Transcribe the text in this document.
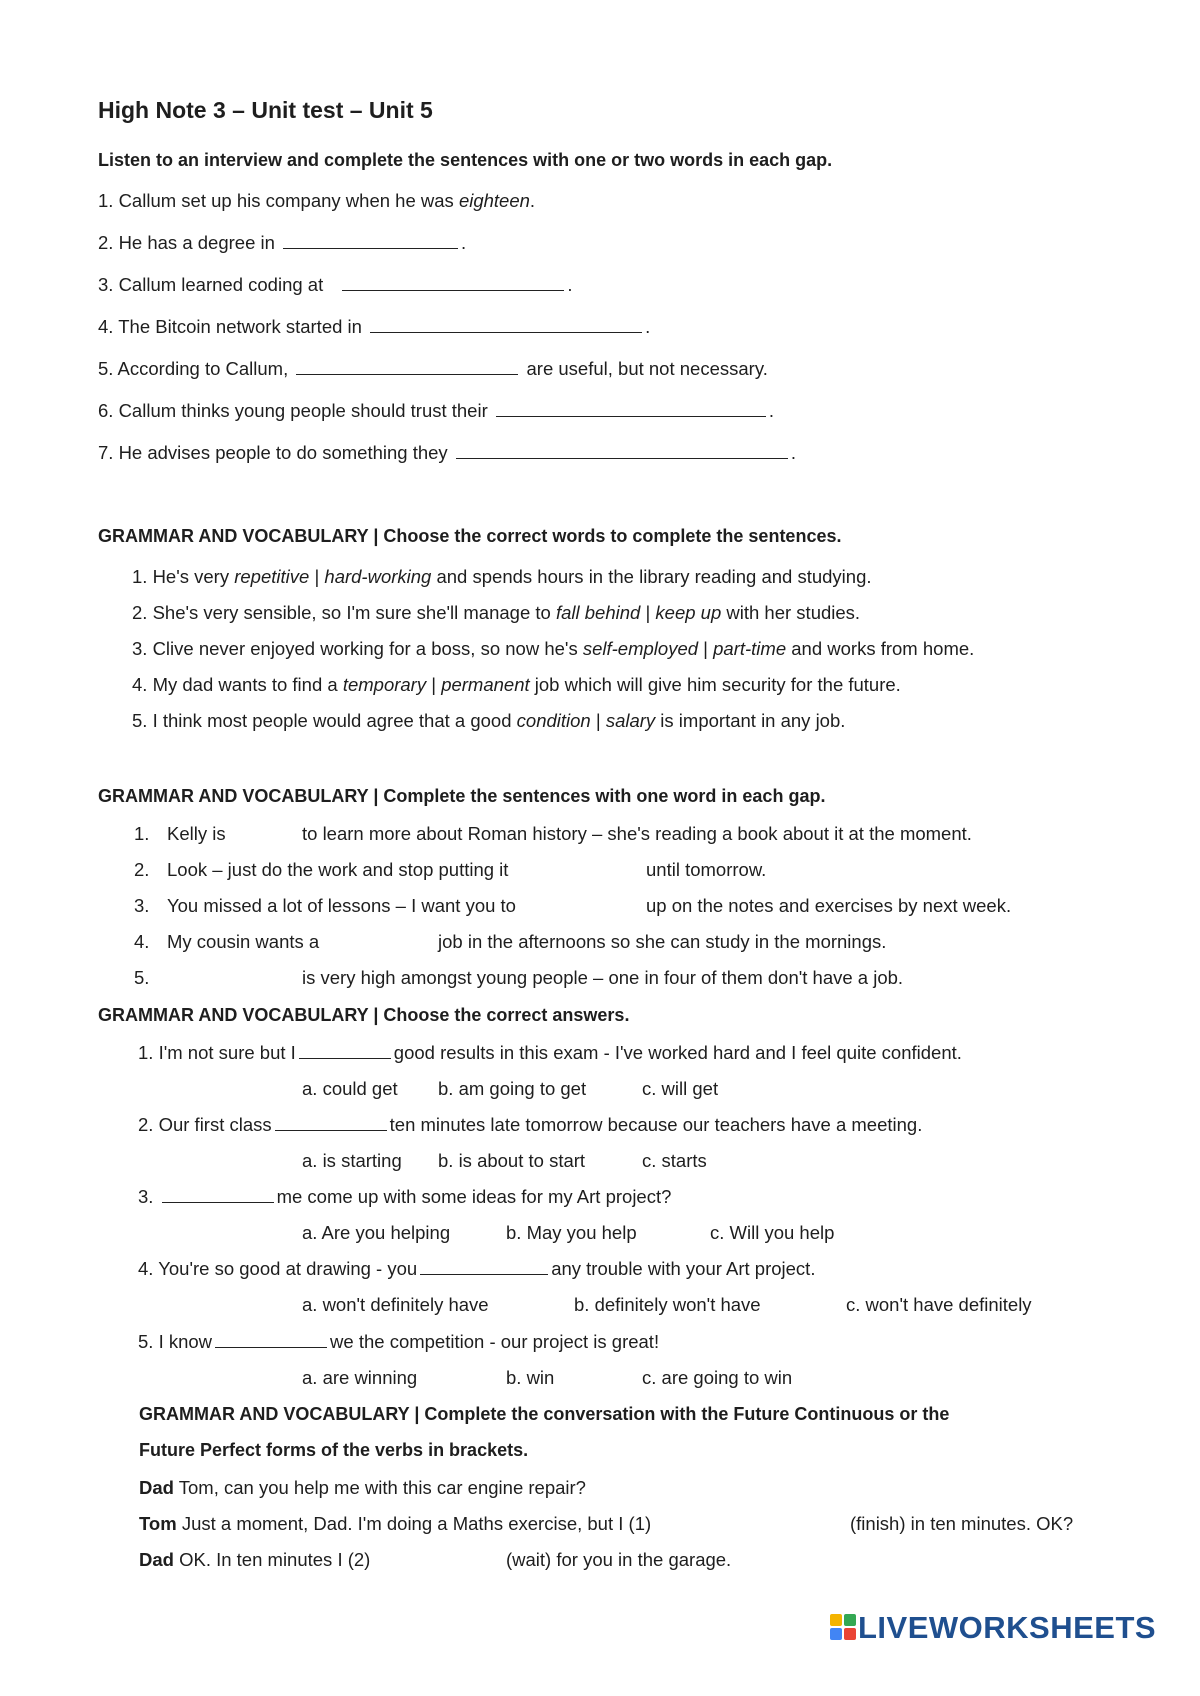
High Note 3 – Unit test – Unit 5
Listen to an interview and complete the sentences with one or two words in each gap.
1. Callum set up his company when he was eighteen.
2. He has a degree in	.
3. Callum learned coding at	.
4. The Bitcoin network started in	.
5. According to Callum,	are useful, but not necessary.
6. Callum thinks young people should trust their	.
7. He advises people to do something they	.
GRAMMAR AND VOCABULARY | Choose the correct words to complete the sentences.
1. He's very repetitive | hard-working and spends hours in the library reading and studying.
2. She's very sensible, so I'm sure she'll manage to fall behind | keep up with her studies.
3. Clive never enjoyed working for a boss, so now he's self-employed | part-time and works from home.
4. My dad wants to find a temporary | permanent job which will give him security for the future.
5. I think most people would agree that a good condition | salary is important in any job.
GRAMMAR AND VOCABULARY | Complete the sentences with one word in each gap.
1. Kelly is	to learn more about Roman history – she's reading a book about it at the moment.
2. Look – just do the work and stop putting it	until tomorrow.
3. You missed a lot of lessons – I want you to	up on the notes and exercises by next week.
4. My cousin wants a	job in the afternoons so she can study in the mornings.
5.	is very high amongst young people – one in four of them don't have a job.
GRAMMAR AND VOCABULARY | Choose the correct answers.
1. I'm not sure but I	good results in this exam - I've worked hard and I feel quite confident.
a. could get b. am going to get	c. will get
2. Our first class	ten minutes late tomorrow because our teachers have a meeting.
a. is starting b. is about to start	c. starts
3.	me come up with some ideas for my Art project?
a. Are you helping	b. May you help	c. Will you help
4. You're so good at drawing - you	any trouble with your Art project.
a. won't definitely have	b. definitely won't have	c. won't have definitely
5. I know	we the competition - our project is great!
a. are winning	b. win	c. are going to win
GRAMMAR AND VOCABULARY | Complete the conversation with the Future Continuous or the
Future Perfect forms of the verbs in brackets.
Dad Tom, can you help me with this car engine repair?
Tom Just a moment, Dad. I'm doing a Maths exercise, but I (1)	(finish) in ten minutes. OK?
Dad OK. In ten minutes I (2)	(wait) for you in the garage.
LIVEWORKSHEETS
